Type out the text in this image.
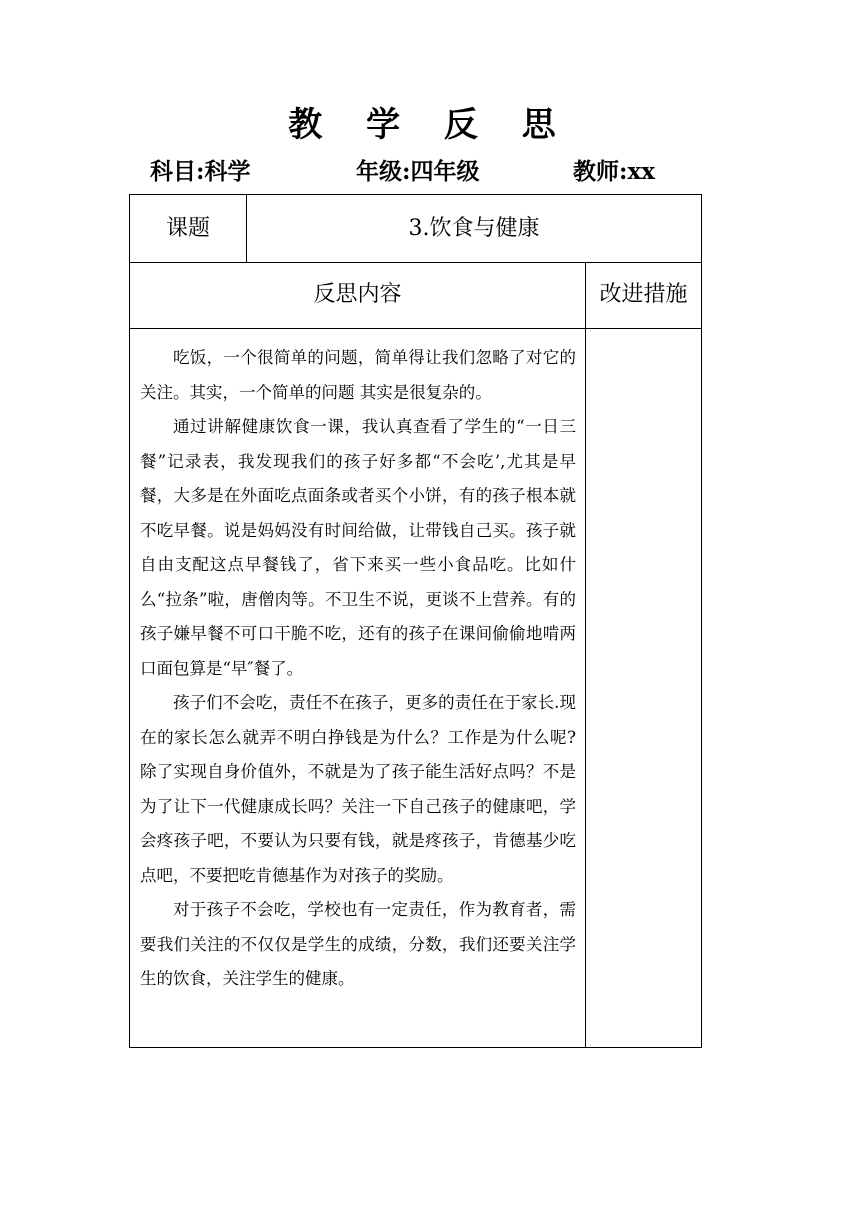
教 学 反 思
科目:科学	年级:四年级	教师:xx
课题	3.饮食与健康
反思内容	改进措施

吃饭，一个很简单的问题，简单得让我们忽略了对它的关注。其实，一个简单的问题 其实是很复杂的。

通过讲解健康饮食一课，我认真查看了学生的“一日三餐”记录表，我发现我们的孩子好多都“不会吃’,尤其是早餐，大多是在外面吃点面条或者买个小饼，有的孩子根本就不吃早餐。说是妈妈没有时间给做，让带钱自己买。孩子就自由支配这点早餐钱了，省下来买一些小食品吃。比如什么“拉条”啦，唐僧肉等。不卫生不说，更谈不上营养。有的孩子嫌早餐不可口干脆不吃，还有的孩子在课间偷偷地啃两口面包算是“早″餐了。

孩子们不会吃，责任不在孩子，更多的责任在于家长.现在的家长怎么就弄不明白挣钱是为什么？工作是为什么呢?除了实现自身价值外，不就是为了孩子能生活好点吗？不是为了让下一代健康成长吗？关注一下自己孩子的健康吧，学会疼孩子吧，不要认为只要有钱，就是疼孩子，肯德基少吃点吧，不要把吃肯德基作为对孩子的奖励。

对于孩子不会吃，学校也有一定责任，作为教育者，需要我们关注的不仅仅是学生的成绩，分数，我们还要关注学生的饮食，关注学生的健康。
